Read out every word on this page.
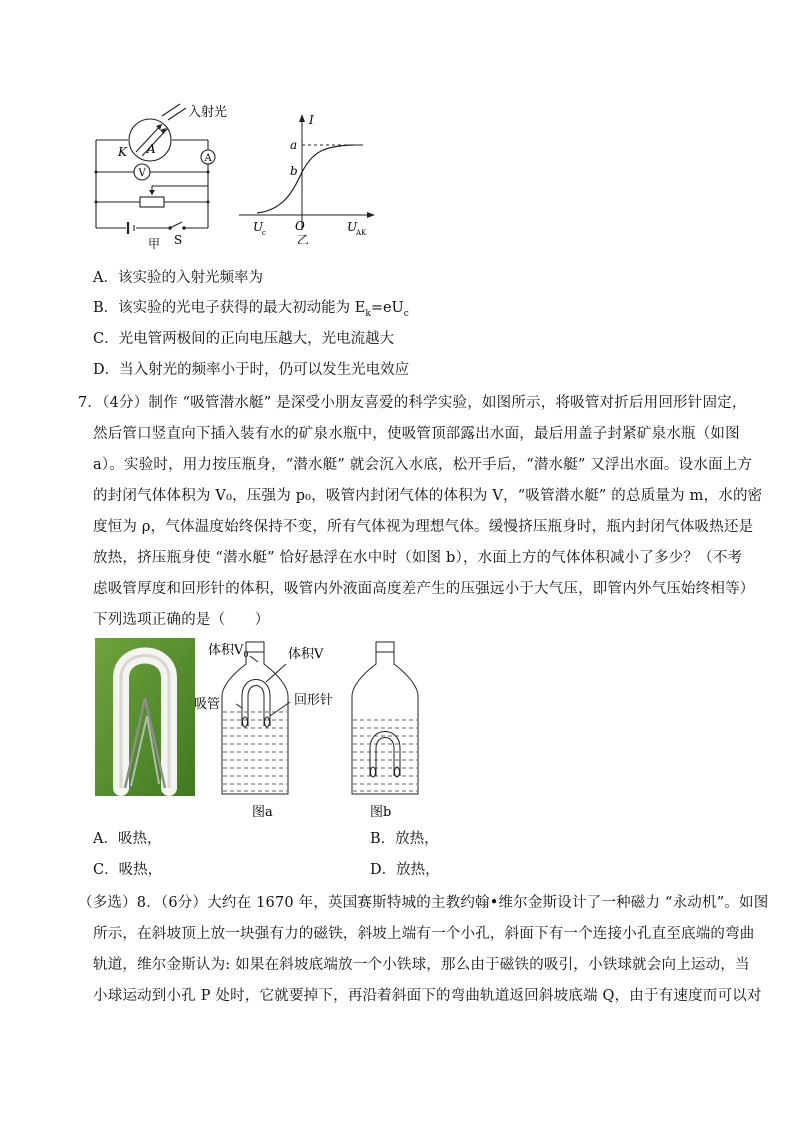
入射光
K A
A
V
S
甲
I
a
b
O
U
c	U
AK
乙
A．该实验的入射光频率为
B．该实验的光电子获得的最大初动能为 $E_k=eU_c$
C．光电管两极间的正向电压越大，光电流越大
D．当入射光的频率小于时，仍可以发生光电效应
7．（4分）制作 “吸管潜水艇” 是深受小朋友喜爱的科学实验，如图所示，将吸管对折后用回形针固定，
然后管口竖直向下插入装有水的矿泉水瓶中，使吸管顶部露出水面，最后用盖子封紧矿泉水瓶（如图
a）。实验时，用力按压瓶身，“潜水艇” 就会沉入水底，松开手后，“潜水艇” 又浮出水面。设水面上方
的封闭气体体积为 V₀，压强为 p₀，吸管内封闭气体的体积为 V，“吸管潜水艇” 的总质量为 m，水的密
度恒为 ρ，气体温度始终保持不变，所有气体视为理想气体。缓慢挤压瓶身时，瓶内封闭气体吸热还是
放热，挤压瓶身使 “潜水艇” 恰好悬浮在水中时（如图 b），水面上方的气体体积减小了多少？（不考
虑吸管厚度和回形针的体积，吸管内外液面高度差产生的压强远小于大气压，即管内外气压始终相等）
下列选项正确的是（　　）
体积$V_0$	体积V
吸管	回形针
图a	图b
A．吸热，	B．放热，
C．吸热，	D．放热，
（多选）8．（6分）大约在 1670 年，英国赛斯特城的主教约翰•维尔金斯设计了一种磁力 “永动机”。如图
所示，在斜坡顶上放一块强有力的磁铁，斜坡上端有一个小孔，斜面下有一个连接小孔直至底端的弯曲
轨道，维尔金斯认为: 如果在斜坡底端放一个小铁球，那么由于磁铁的吸引，小铁球就会向上运动，当
小球运动到小孔 P 处时，它就要掉下，再沿着斜面下的弯曲轨道返回斜坡底端 Q，由于有速度而可以对
